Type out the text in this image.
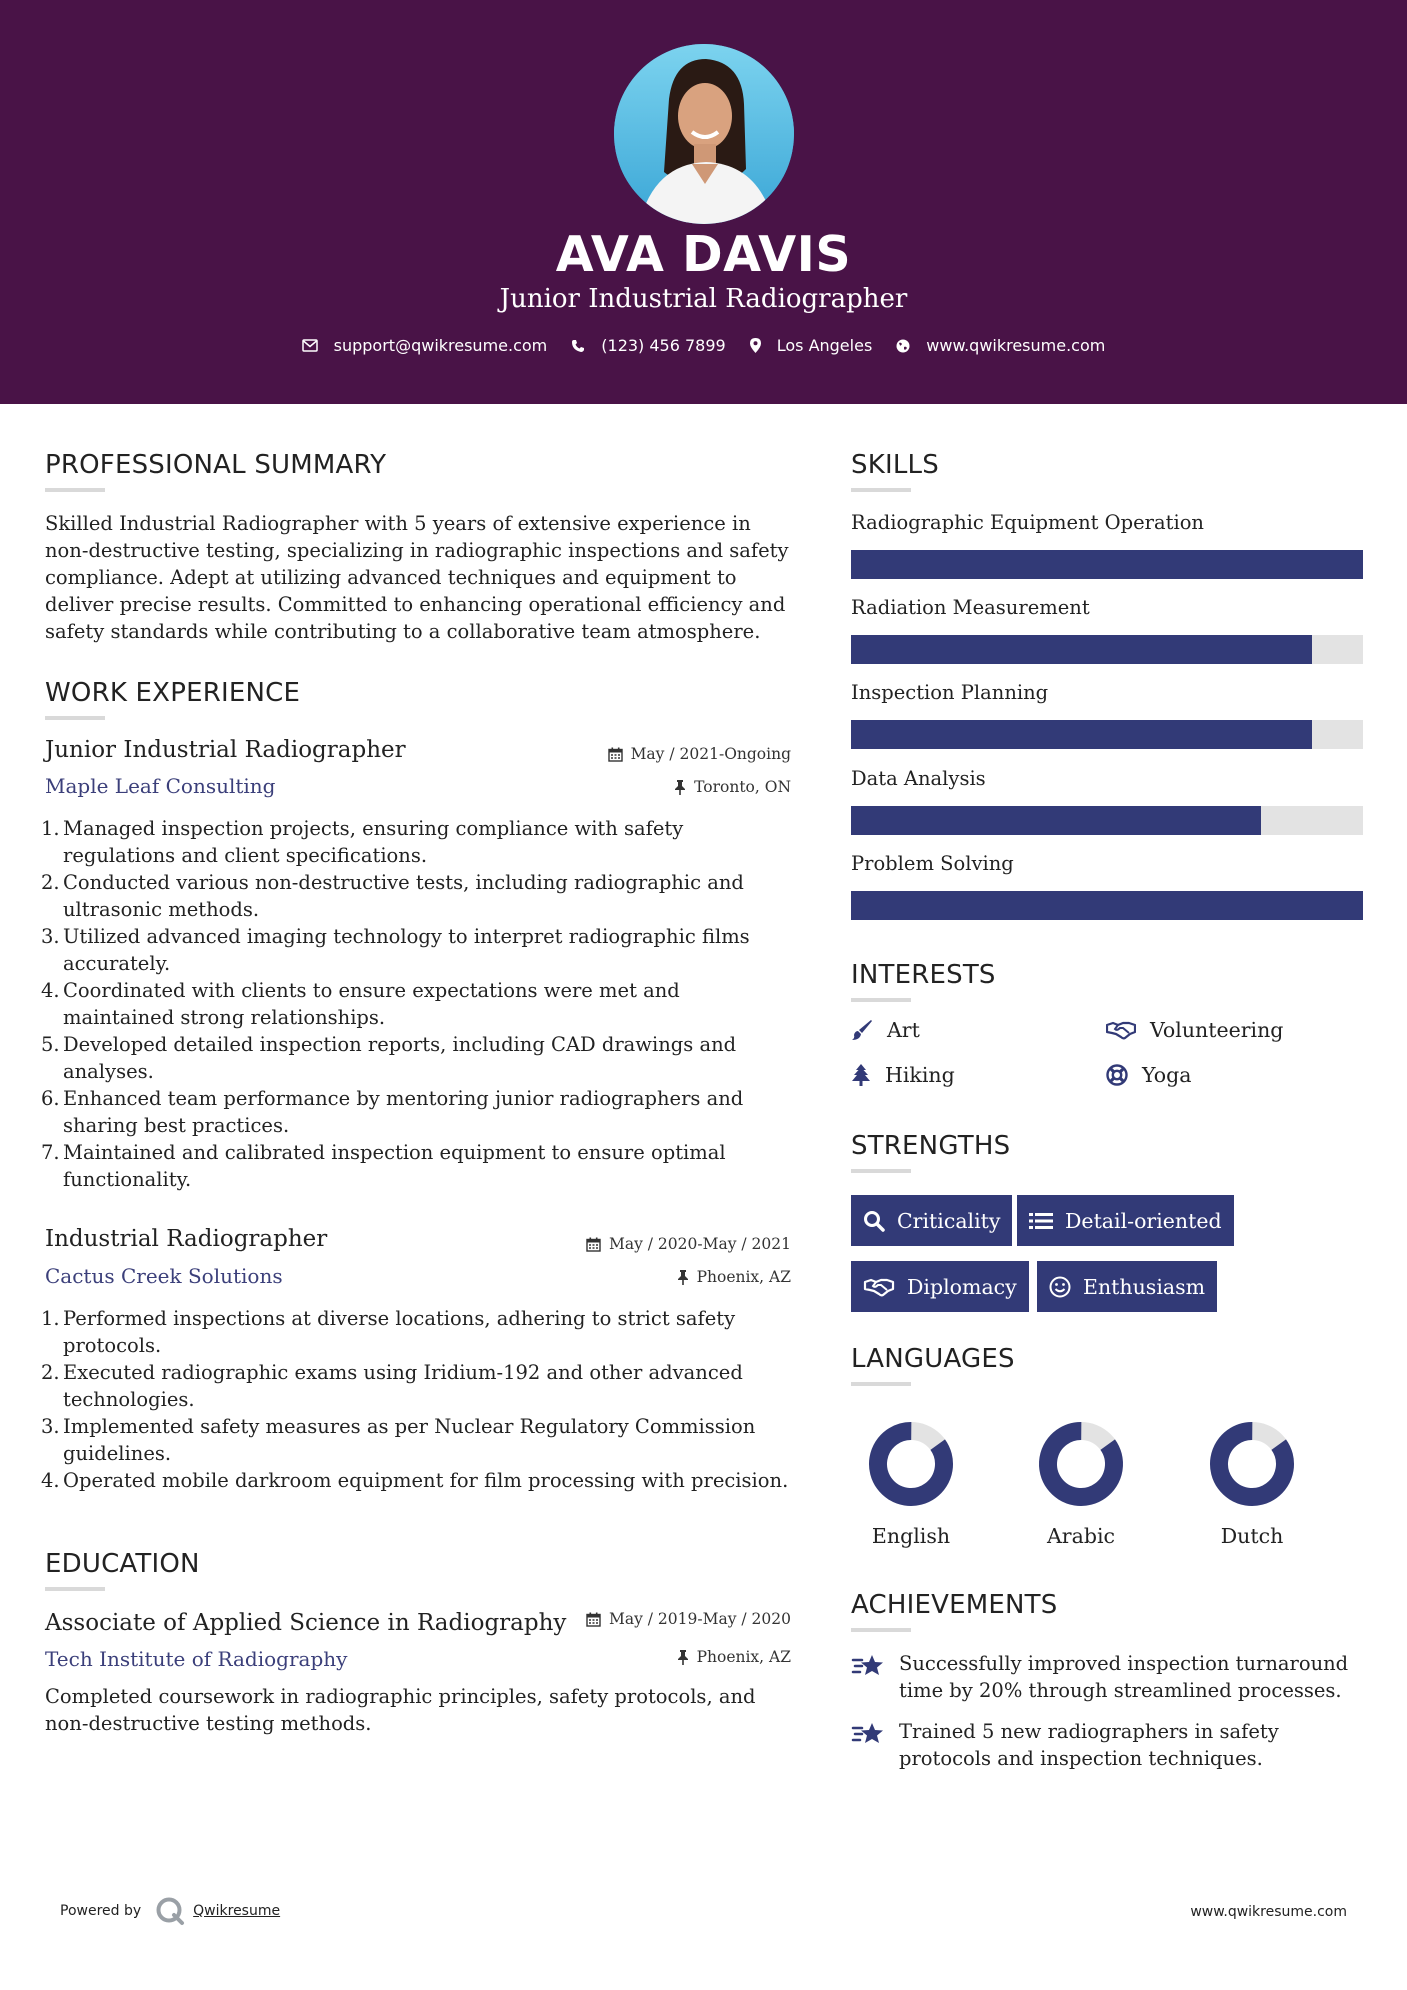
AVA DAVIS
Junior Industrial Radiographer
support@qwikresume.com	(123) 456 7899	Los Angeles	www.qwikresume.com
PROFESSIONAL SUMMARY
Skilled Industrial Radiographer with 5 years of extensive experience in non-destructive testing, specializing in radiographic inspections and safety compliance. Adept at utilizing advanced techniques and equipment to deliver precise results. Committed to enhancing operational efficiency and safety standards while contributing to a collaborative team atmosphere.
WORK EXPERIENCE
Junior Industrial Radiographer
Maple Leaf Consulting
May / 2021-Ongoing
Toronto, ON
1. Managed inspection projects, ensuring compliance with safety regulations and client specifications.
2. Conducted various non-destructive tests, including radiographic and ultrasonic methods.
3. Utilized advanced imaging technology to interpret radiographic films accurately.
4. Coordinated with clients to ensure expectations were met and maintained strong relationships.
5. Developed detailed inspection reports, including CAD drawings and analyses.
6. Enhanced team performance by mentoring junior radiographers and sharing best practices.
7. Maintained and calibrated inspection equipment to ensure optimal functionality.
Industrial Radiographer
Cactus Creek Solutions
May / 2020-May / 2021
Phoenix, AZ
1. Performed inspections at diverse locations, adhering to strict safety protocols.
2. Executed radiographic exams using Iridium-192 and other advanced technologies.
3. Implemented safety measures as per Nuclear Regulatory Commission guidelines.
4. Operated mobile darkroom equipment for film processing with precision.
EDUCATION
Associate of Applied Science in Radiography
Tech Institute of Radiography
May / 2019-May / 2020
Phoenix, AZ
Completed coursework in radiographic principles, safety protocols, and non-destructive testing methods.
SKILLS
Radiographic Equipment Operation
Radiation Measurement
Inspection Planning
Data Analysis
Problem Solving
INTERESTS
Art	Volunteering
Hiking	Yoga
STRENGTHS
Criticality	Detail-oriented
Diplomacy	Enthusiasm
LANGUAGES
English	Arabic	Dutch
ACHIEVEMENTS
Successfully improved inspection turnaround time by 20% through streamlined processes.
Trained 5 new radiographers in safety protocols and inspection techniques.
Powered by	Qwikresume	www.qwikresume.com
